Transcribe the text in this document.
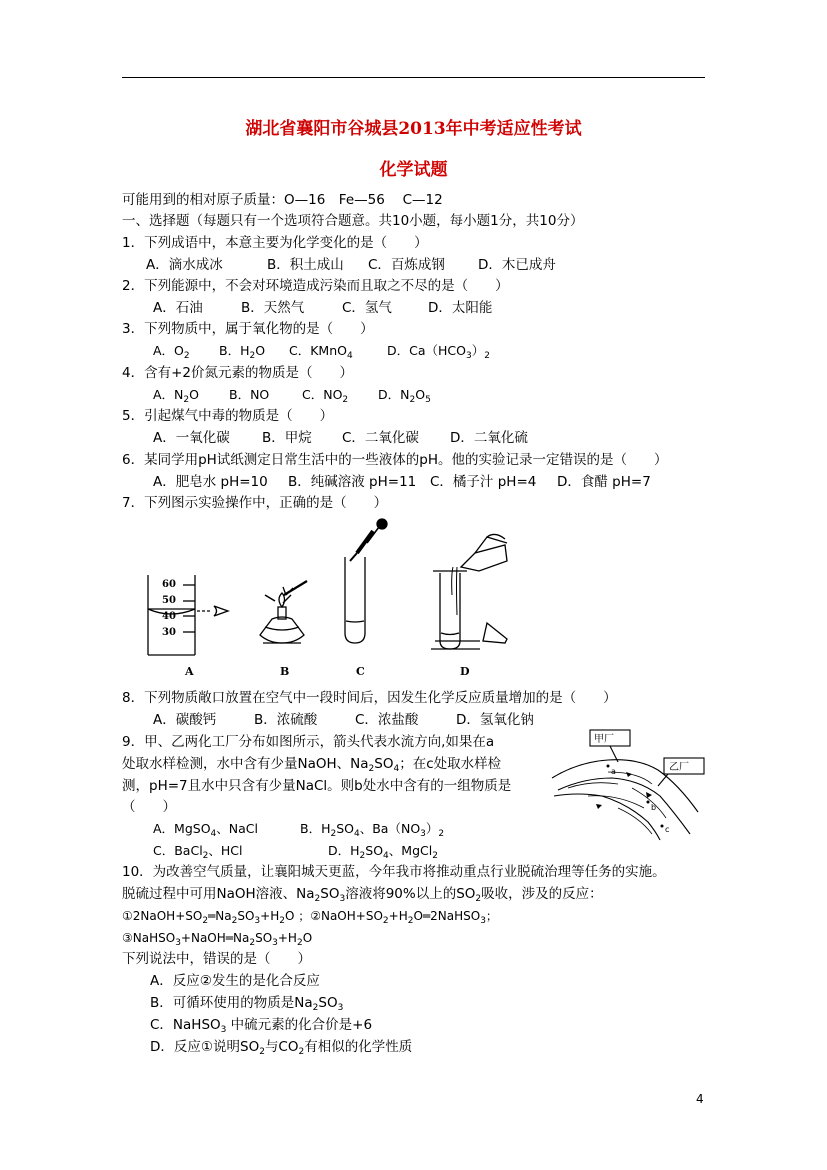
湖北省襄阳市谷城县2013年中考适应性考试
化学试题
可能用到的相对原子质量：O—16　Fe—56　 C—12
一、选择题（每题只有一个选项符合题意。共10小题，每小题1分，共10分）
1．下列成语中，本意主要为化学变化的是（　　）
A．滴水成冰	B．积土成山 C．百炼成钢 D．木已成舟
2．下列能源中，不会对环境造成污染而且取之不尽的是（　　）
A．石油	B．天然气	C．氢气	D．太阳能
3．下列物质中，属于氧化物的是（　　）
A．$O_2$ B．$H_2O$ C．KMnO$_4$	D．$Ca(HCO_3)_2$
4．含有+2价氮元素的物质是（　　）
A．$N_2O$ B．NO	C．$NO_2$ D．$N_2O_5$
5．引起煤气中毒的物质是（　　）
A．一氧化碳 B．甲烷 C．二氧化碳 D．二氧化硫
6．某同学用pH试纸测定日常生活中的一些液体的pH。他的实验记录一定错误的是（　　）
A．肥皂水 pH=10 B．纯碱溶液 pH=11 C．橘子汁 pH=4 D．食醋 pH=7
7．下列图示实验操作中，正确的是（　　）
60
50
40
30
A	B	C	D
8．下列物质敞口放置在空气中一段时间后，因发生化学反应质量增加的是（　　）
A．碳酸钙	B．浓硫酸	C．浓盐酸	D．氢氧化钠
9．甲、乙两化工厂分布如图所示，箭头代表水流方向,如果在a
处取水样检测，水中含有少量NaOH、$Na_2SO_4$；在c处取水样检
测，pH=7且水中只含有少量NaCl。则b处水中含有的一组物质是
（　　）
A．MgSO$_4$、NaCl	B．$H_2SO_4$、$Ba(NO_3)_2$
C．BaCl$_2$、HCl	D．$H_2SO_4$、MgCl$_2$
甲厂
乙厂
a
b
c
10．为改善空气质量，让襄阳城天更蓝，今年我市将推动重点行业脱硫治理等任务的实施。
脱硫过程中可用NaOH溶液、$Na_2SO_3$溶液将90%以上的$SO_2$吸收，涉及的反应：
$①2NaOH+SO_2═Na_2SO_3+H_2O$ ；$②NaOH+SO_2+H_2O═2NaHSO_3$；
$③NaHSO_3+NaOH═Na_2SO_3+H_2O$
下列说法中，错误的是（　　）
A．反应②发生的是化合反应
B．可循环使用的物质是$Na_2SO_3$
C．NaHSO$_3$ 中硫元素的化合价是+6
D．反应①说明$SO_2$与$CO_2$有相似的化学性质
4
